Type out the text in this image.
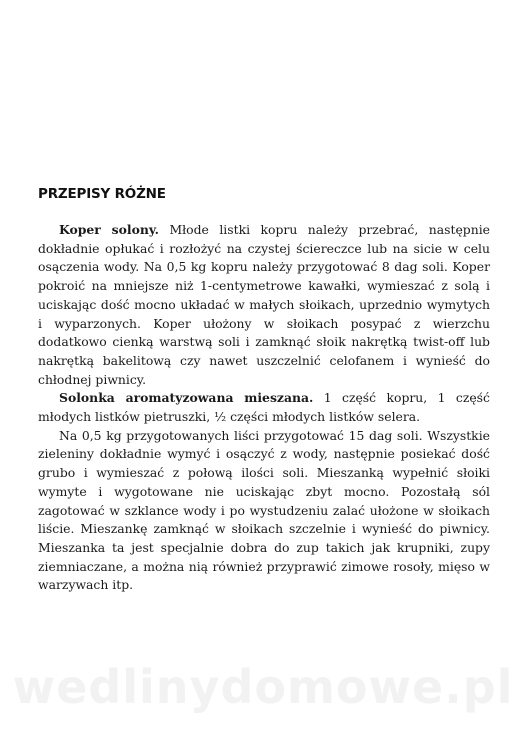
PRZEPISY RÓŻNE

Koper solony. Młode listki kopru należy przebrać, następnie dokładnie opłukać i rozłożyć na czystej ściereczce lub na sicie w celu osączenia wody. Na 0,5 kg kopru należy przygotować 8 dag soli. Koper pokroić na mniejsze niż 1-centymetrowe kawałki, wymieszać z solą i uciskając dość mocno układać w małych słoikach, uprzednio wymytych i wyparzonych. Koper ułożony w słoikach posypać z wierzchu dodatkowo cienką warstwą soli i zamknąć słoik nakrętką twist-off lub nakrętką bakelitową czy nawet uszczelnić celofanem i wynieść do chłodnej piwnicy.

Solonka aromatyzowana mieszana. 1 część kopru, 1 część młodych listków pietruszki, ½ części młodych listków selera.

Na 0,5 kg przygotowanych liści przygotować 15 dag soli. Wszystkie zieleniny dokładnie wymyć i osączyć z wody, następnie posiekać dość grubo i wymieszać z połową ilości soli. Mieszanką wypełnić słoiki wymyte i wygotowane nie uciskając zbyt mocno. Pozostałą sól zagotować w szklance wody i po wystudzeniu zalać ułożone w słoikach liście. Mieszankę zamknąć w słoikach szczelnie i wynieść do piwnicy. Mieszanka ta jest specjalnie dobra do zup takich jak krupniki, zupy ziemniaczane, a można nią również przyprawić zimowe rosoły, mięso w warzywach itp.

wedlinydomowe.pl
